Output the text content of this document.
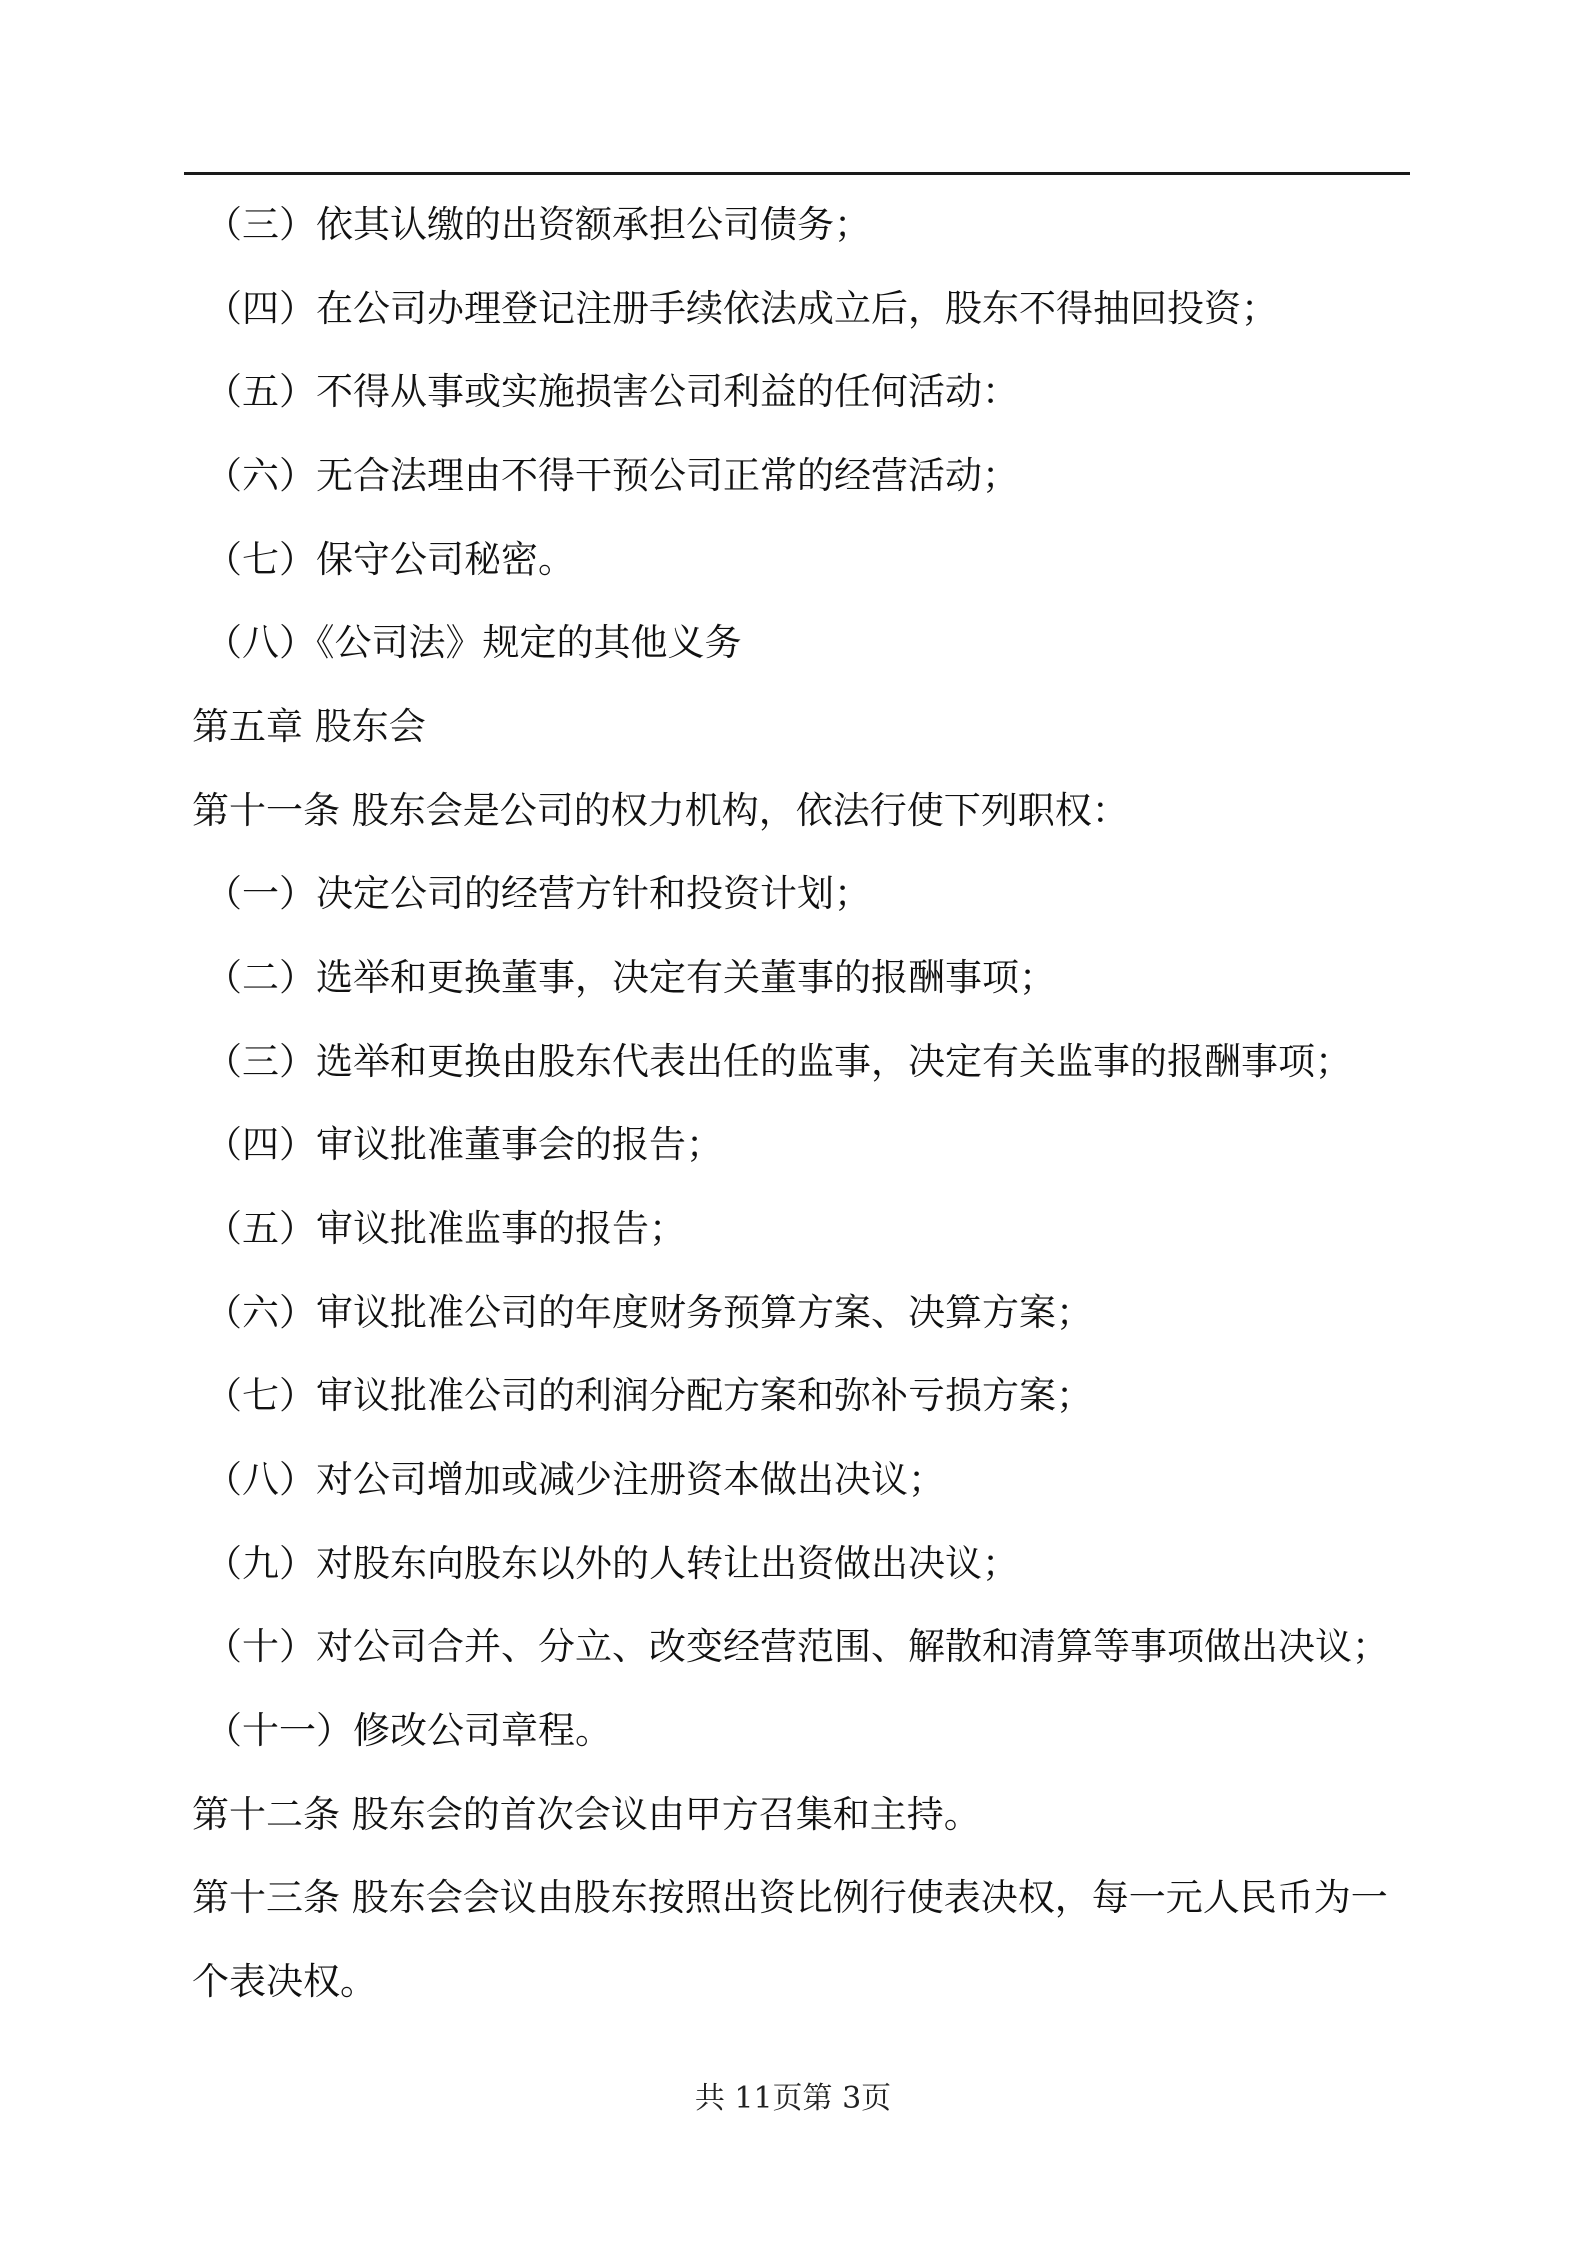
（三）依其认缴的出资额承担公司债务；

（四）在公司办理登记注册手续依法成立后，股东不得抽回投资；

（五）不得从事或实施损害公司利益的任何活动：

（六）无合法理由不得干预公司正常的经营活动；

（七）保守公司秘密。

（八）《公司法》规定的其他义务

第五章 股东会

第十一条 股东会是公司的权力机构，依法行使下列职权：

（一）决定公司的经营方针和投资计划；

（二）选举和更换董事，决定有关董事的报酬事项；

（三）选举和更换由股东代表出任的监事，决定有关监事的报酬事项；

（四）审议批准董事会的报告；

（五）审议批准监事的报告；

（六）审议批准公司的年度财务预算方案、决算方案；

（七）审议批准公司的利润分配方案和弥补亏损方案；

（八）对公司增加或减少注册资本做出决议；

（九）对股东向股东以外的人转让出资做出决议；

（十）对公司合并、分立、改变经营范围、解散和清算等事项做出决议；

（十一）修改公司章程。

第十二条 股东会的首次会议由甲方召集和主持。

第十三条 股东会会议由股东按照出资比例行使表决权，每一元人民币为一

个表决权。

共 11页第 3页
